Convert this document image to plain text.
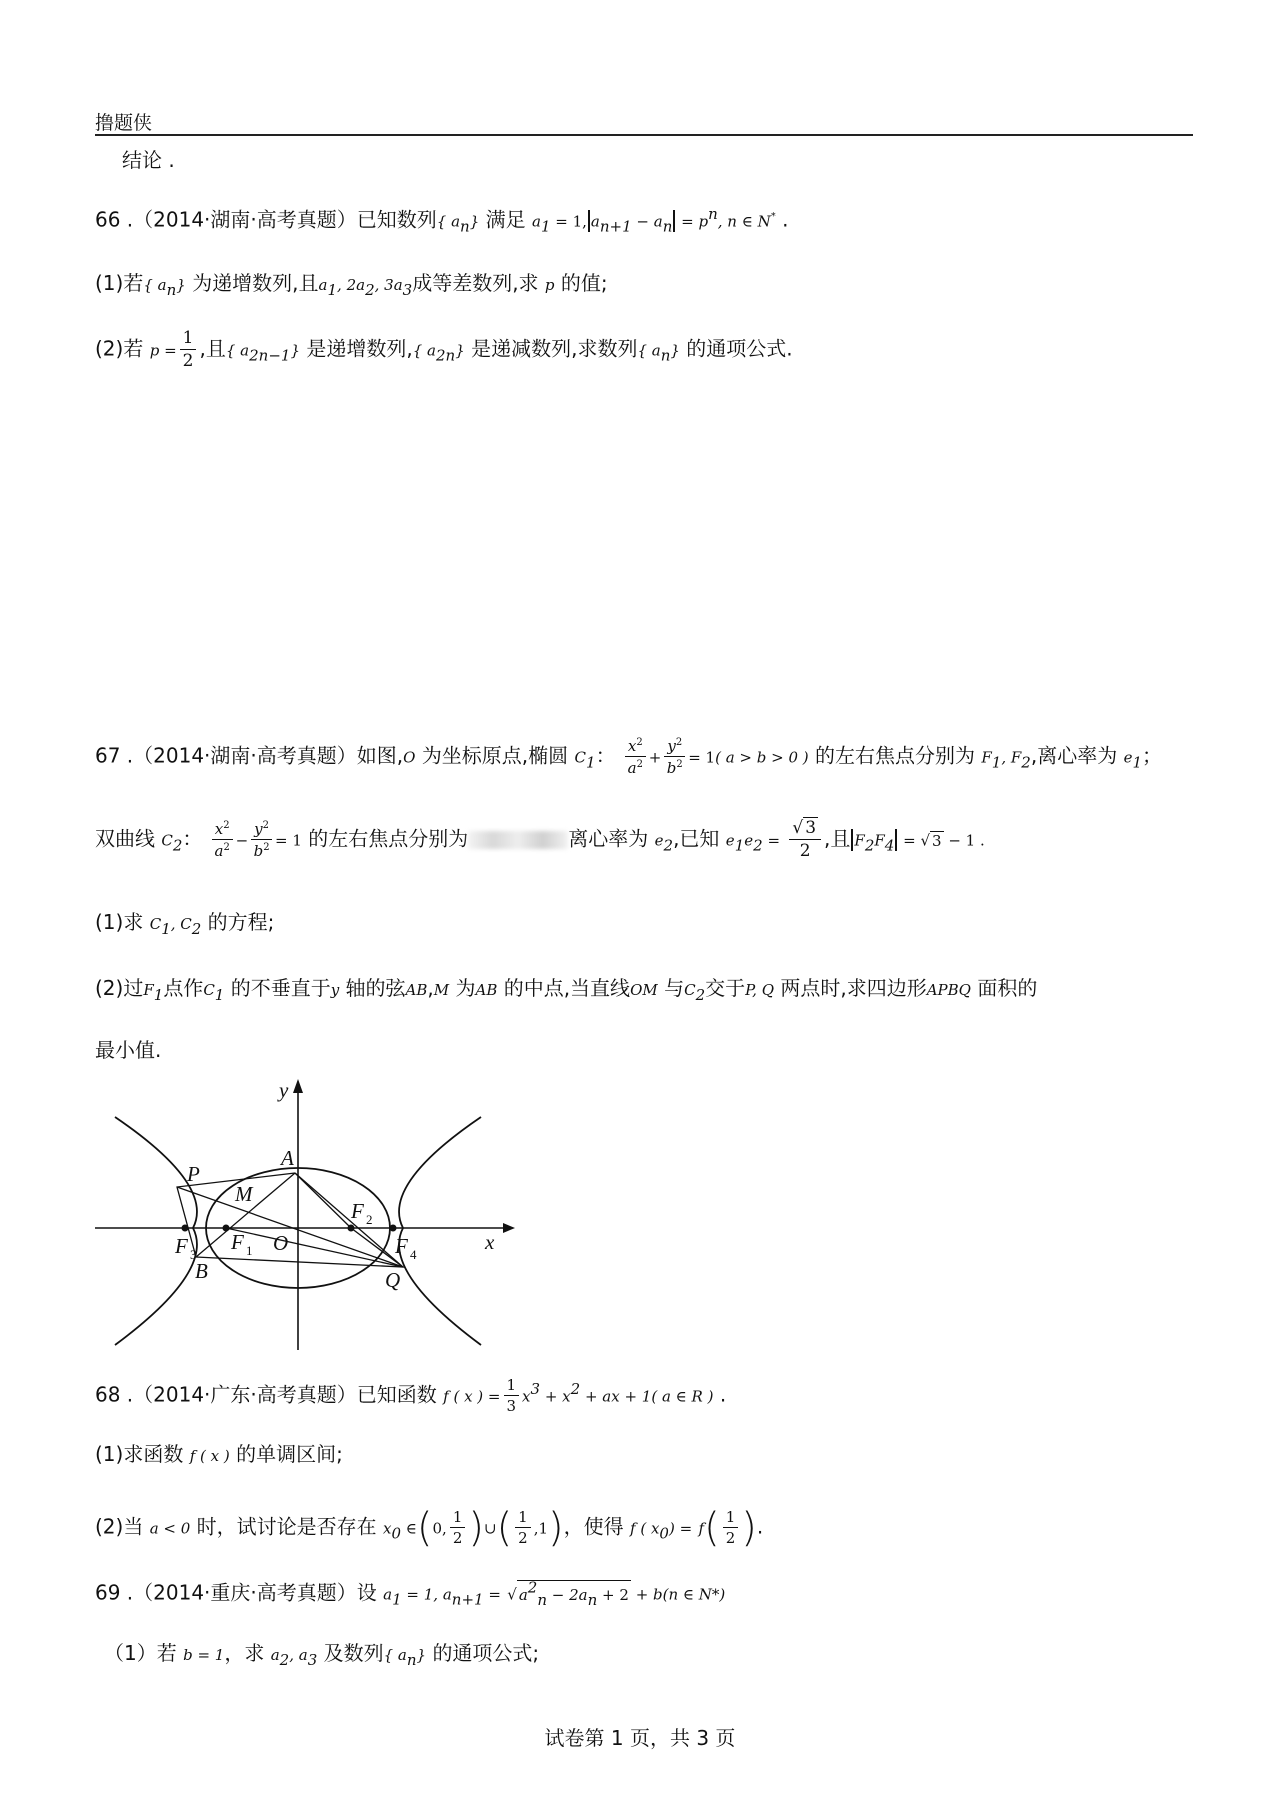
撸题侠
结论 .
66 .（2014·湖南·高考真题）已知数列{ $a_n$} 满足 $a_1 = 1$, $a_{n+1} - a_n = p^n$, n ∈ N* .
(1)若{ $a_n$} 为递增数列,且$a_1$, $2a_2$, $3a_3$成等差数列,求 p 的值;
(2)若 $p = \frac{1}{2}$ ,且{ $a_{2n-1}$} 是递增数列,{ $a_{2n}$} 是递减数列,求数列{ $a_n$} 的通项公式.
67 .（2014·湖南·高考真题）如图,O 为坐标原点,椭圆 $C_1$： $\frac{x^2}{a^2} + \frac{y^2}{b^2} = 1$( a > b > 0 ) 的左右焦点分别为 $F_1$, $F_2$,离心率为 $e_1$；
双曲线 $C_2$： $\frac{x^2}{a^2} - \frac{y^2}{b^2} = 1$ 的左右焦点分别为	离心率为 $e_2$,已知 $e_1e_2 = \frac{√ 3}{2}$ ,且 $F_2F_4$ = √ 3 − 1 .
(1)求 $C_1$, $C_2$ 的方程;
(2)过$F_1$点作$C_1$ 的不垂直于y 轴的弦AB,M 为AB 的中点,当直线OM 与$C_2$交于P, Q 两点时,求四边形APBQ 面积的
最小值.
y
x
P
A
M
B	Q
O
F 3
F 1
F 2
F 4
68 .（2014·广东·高考真题）已知函数 f ( x ) = $\frac{1}{3} x^3 + x^2$ + ax + 1( a ∈ R ) .
(1)求函数 f ( x ) 的单调区间;
(2)当 a < 0 时，试讨论是否存在 $x_0$ ∈(0, $\frac{1}{2}$ )∪( $\frac{1}{2} ,1$)，使得 f ( $x_0) = f( \frac{1}{2}$ ).
69 .（2014·重庆·高考真题）设 $a_1 = 1$, $a_{n+1}$ = √ $a^2_n - 2a_n + 2 + b(n$ ∈ N*)
（1）若 b = 1，求 $a_2$, $a_3$ 及数列{ $a_n$} 的通项公式;
试卷第 1 页，共 3 页
